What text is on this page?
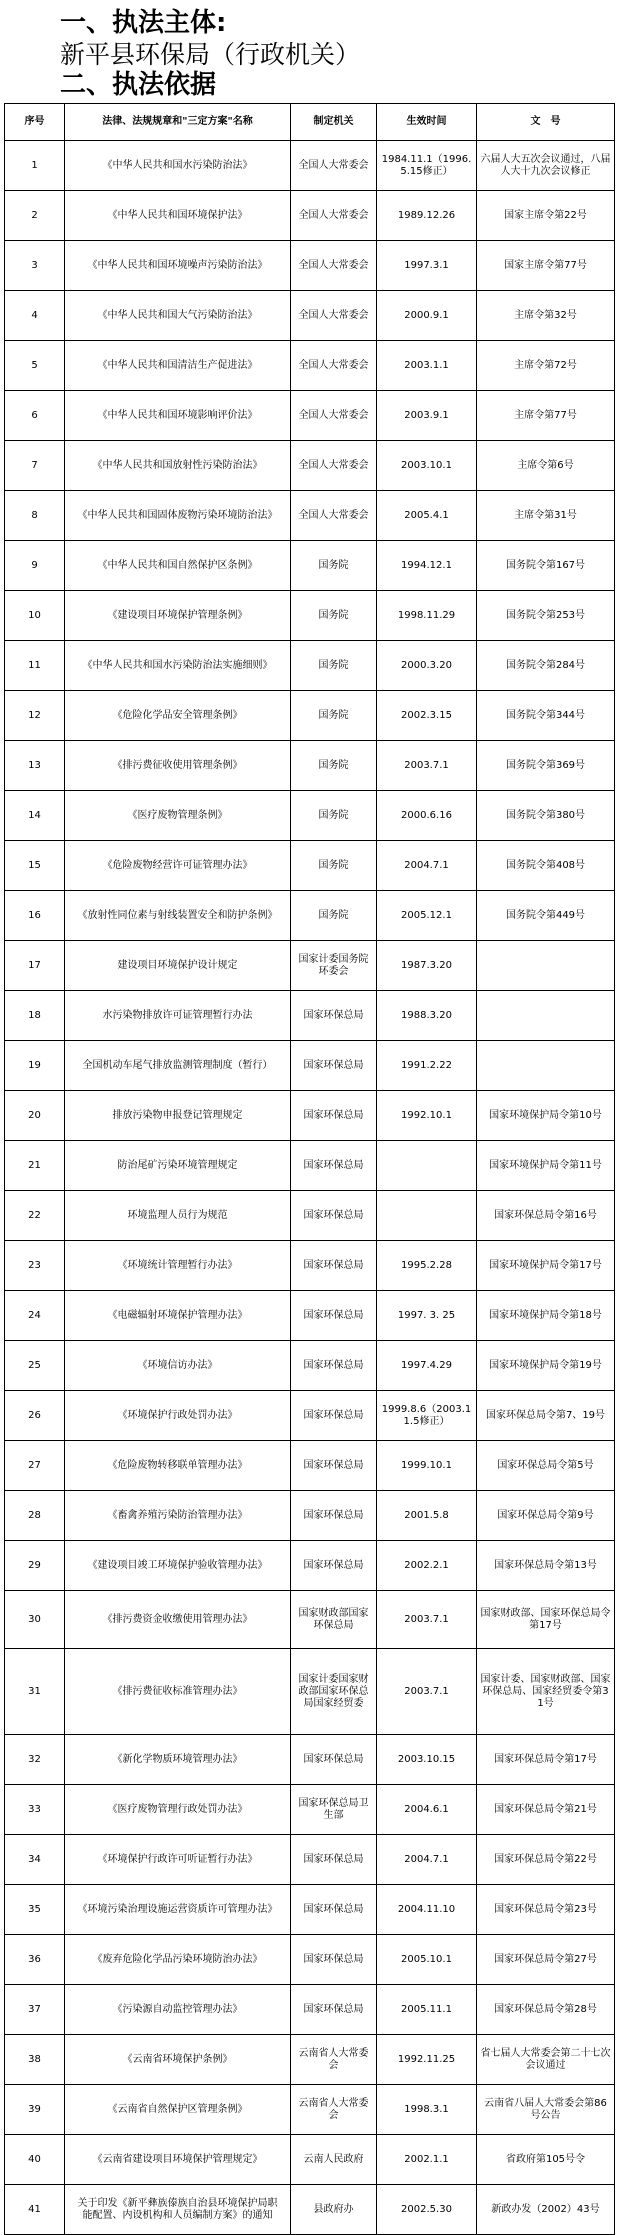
一、执法主体:
新平县环保局（行政机关）
二、执法依据
序号	法律、法规规章和"三定方案"名称	制定机关	生效时间	文　号
1	《中华人民共和国水污染防治法》	全国人大常委会	1984.11.1（1996.5.15修正）	六届人大五次会议通过，八届人大十九次会议修正
2	《中华人民共和国环境保护法》	全国人大常委会	1989.12.26	国家主席令第22号
3	《中华人民共和国环境噪声污染防治法》	全国人大常委会	1997.3.1	国家主席令第77号
4	《中华人民共和国大气污染防治法》	全国人大常委会	2000.9.1	主席令第32号
5	《中华人民共和国清洁生产促进法》	全国人大常委会	2003.1.1	主席令第72号
6	《中华人民共和国环境影响评价法》	全国人大常委会	2003.9.1	主席令第77号
7	《中华人民共和国放射性污染防治法》	全国人大常委会	2003.10.1	主席令第6号
8	《中华人民共和国固体废物污染环境防治法》	全国人大常委会	2005.4.1	主席令第31号
9	《中华人民共和国自然保护区条例》	国务院	1994.12.1	国务院令第167号
10	《建设项目环境保护管理条例》	国务院	1998.11.29	国务院令第253号
11	《中华人民共和国水污染防治法实施细则》	国务院	2000.3.20	国务院令第284号
12	《危险化学品安全管理条例》	国务院	2002.3.15	国务院令第344号
13	《排污费征收使用管理条例》	国务院	2003.7.1	国务院令第369号
14	《医疗废物管理条例》	国务院	2000.6.16	国务院令第380号
15	《危险废物经营许可证管理办法》	国务院	2004.7.1	国务院令第408号
16	《放射性同位素与射线装置安全和防护条例》	国务院	2005.12.1	国务院令第449号
17	建设项目环境保护设计规定	国家计委国务院环委会	1987.3.20	
18	水污染物排放许可证管理暂行办法	国家环保总局	1988.3.20	
19	全国机动车尾气排放监测管理制度（暂行）	国家环保总局	1991.2.22	
20	排放污染物申报登记管理规定	国家环保总局	1992.10.1	国家环境保护局令第10号
21	防治尾矿污染环境管理规定	国家环保总局		国家环境保护局令第11号
22	环境监理人员行为规范	国家环保总局		国家环保总局令第16号
23	《环境统计管理暂行办法》	国家环保总局	1995.2.28	国家环境保护局令第17号
24	《电磁辐射环境保护管理办法》	国家环保总局	1997. 3. 25	国家环境保护局令第18号
25	《环境信访办法》	国家环保总局	1997.4.29	国家环境保护局令第19号
26	《环境保护行政处罚办法》	国家环保总局	1999.8.6（2003.11.5修正）	国家环保总局令第7、19号
27	《危险废物转移联单管理办法》	国家环保总局	1999.10.1	国家环保总局令第5号
28	《畜禽养殖污染防治管理办法》	国家环保总局	2001.5.8	国家环保总局令第9号
29	《建设项目竣工环境保护验收管理办法》	国家环保总局	2002.2.1	国家环保总局令第13号
30	《排污费资金收缴使用管理办法》	国家财政部国家环保总局	2003.7.1	国家财政部、国家环保总局令第17号
31	《排污费征收标准管理办法》	国家计委国家财政部国家环保总局国家经贸委	2003.7.1	国家计委、国家财政部、国家环保总局、国家经贸委令第31号
32	《新化学物质环境管理办法》	国家环保总局	2003.10.15	国家环保总局令第17号
33	《医疗废物管理行政处罚办法》	国家环保总局卫生部	2004.6.1	国家环保总局令第21号
34	《环境保护行政许可听证暂行办法》	国家环保总局	2004.7.1	国家环保总局令第22号
35	《环境污染治理设施运营资质许可管理办法》	国家环保总局	2004.11.10	国家环保总局令第23号
36	《废弃危险化学品污染环境防治办法》	国家环保总局	2005.10.1	国家环保总局令第27号
37	《污染源自动监控管理办法》	国家环保总局	2005.11.1	国家环保总局令第28号
38	《云南省环境保护条例》	云南省人大常委会	1992.11.25	省七届人大常委会第二十七次会议通过
39	《云南省自然保护区管理条例》	云南省人大常委会	1998.3.1	云南省八届人大常委会第86号公告
40	《云南省建设项目环境保护管理规定》	云南人民政府	2002.1.1	省政府第105号令
41	关于印发《新平彝族傣族自治县环境保护局职能配置、内设机构和人员编制方案》的通知	县政府办	2002.5.30	新政办发（2002）43号
